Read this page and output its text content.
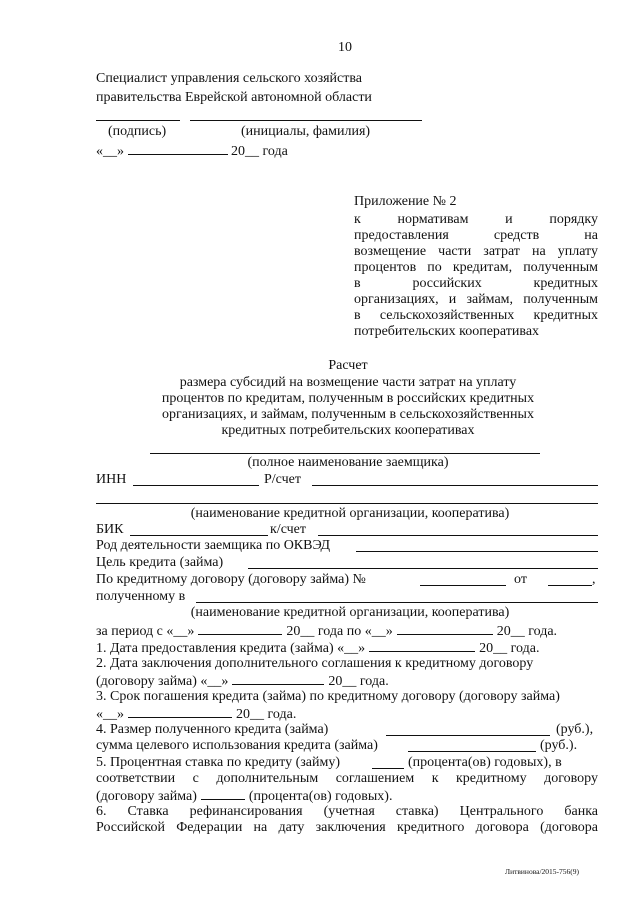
10
Специалист управления сельского хозяйства
правительства Еврейской автономной области
(подпись)	(инициалы, фамилия)
«__»	20__ года
Приложение № 2
к нормативам и порядку
предоставления средств на
возмещение части затрат на уплату
процентов по кредитам, полученным
в российских кредитных
организациях, и займам, полученным
в сельскохозяйственных кредитных
потребительских кооперативах
Расчет
размера субсидий на возмещение части затрат на уплату
процентов по кредитам, полученным в российских кредитных
организациях, и займам, полученным в сельскохозяйственных
кредитных потребительских кооперативах
(полное наименование заемщика)
ИНН	Р/счет
(наименование кредитной организации, кооператива)
БИК	к/счет
Род деятельности заемщика по ОКВЭД
Цель кредита (займа)
По кредитному договору (договору займа) №	от	,
полученному в
(наименование кредитной организации, кооператива)
за период с «__»	20__ года по «__»	20__ года.
1. Дата предоставления кредита (займа) «__»	20__ года.
2. Дата заключения дополнительного соглашения к кредитному договору
(договору займа) «__»	20__ года.
3. Срок погашения кредита (займа) по кредитному договору (договору займа)
«__»	20__ года.
4. Размер полученного кредита (займа)	(руб.),
сумма целевого использования кредита (займа)	(руб.).
5. Процентная ставка по кредиту (займу)	(процента(ов) годовых), в
соответствии с дополнительным соглашением к кредитному договору
(договору займа)	(процента(ов) годовых).
6. Ставка рефинансирования (учетная ставка) Центрального банка
Российской Федерации на дату заключения кредитного договора (договора
Литвинова/2015-756(9)
